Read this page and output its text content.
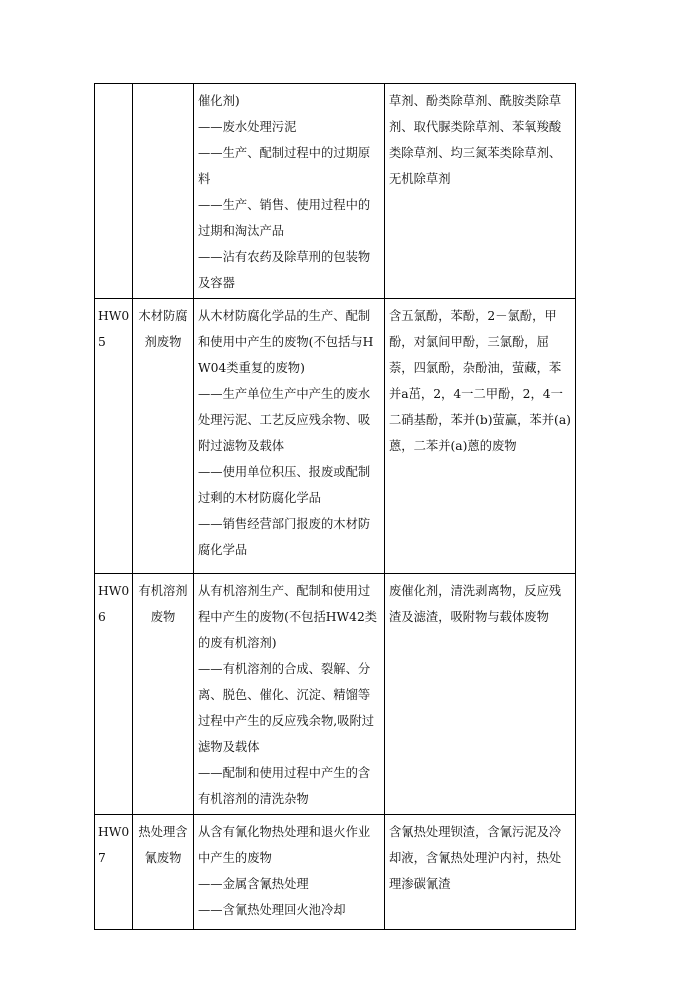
		催化剂)
——废水处理污泥
——生产、配制过程中的过期原料
——生产、销售、使用过程中的过期和淘汰产品
——沾有农药及除草刑的包装物及容器	草剂、酚类除草剂、酰胺类除草剂、取代脲类除草剂、苯氧羧酸类除草剂、均三氮苯类除草剂、无机除草剂
HW05	木材防腐剂废物	从木材防腐化学品的生产、配制和使用中产生的废物(不包括与HW04类重复的废物)
——生产单位生产中产生的废水处理污泥、工艺反应残余物、吸附过滤物及载体
——使用单位积压、报废或配制过剩的木材防腐化学品
——销售经营部门报废的木材防腐化学品	含五氯酚，苯酚，2－氯酚，甲酚，对氯间甲酚，三氯酚，屈萘，四氯酚，杂酚油，萤藏，苯并a茁，2，4一二甲酚，2，4一二硝基酚，苯并(b)萤赢，苯并(a)蒽，二苯并(a)蒽的废物
HW06	有机溶剂废物	从有机溶剂生产、配制和使用过程中产生的废物(不包括HW42类的废有机溶剂)
——有机溶剂的合成、裂解、分离、脱色、催化、沉淀、精馏等过程中产生的反应残余物,吸附过滤物及载体
——配制和使用过程中产生的含有机溶剂的清洗杂物	废催化剂，清洗剥离物，反应残渣及滤渣，吸附物与载体废物
HW07	热处理含氰废物	从含有氰化物热处理和退火作业中产生的废物
——金属含氰热处理
——含氰热处理回火池冷却	含氰热处理钡渣，含氰污泥及冷却液，含氰热处理沪内衬，热处理渗碳氰渣
